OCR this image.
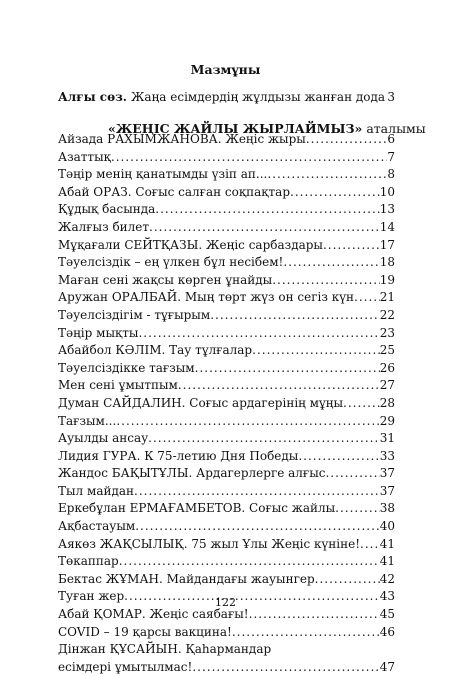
Мазмұны
Алғы сөз. Жаңа есімдердің жұлдызы жанған дода 3
«ЖЕҢІС ЖАЙЛЫ ЖЫРЛАЙМЫЗ» аталымы
Айзада РАХЫМЖАНОВА. Жеңіс жыры .....	6
Азаттық .....	7
Тәңір менің қанатымды үзіп ап... .....	8
Абай ОРАЗ. Соғыс салған соқпақтар .....	10
Құдық басында .....	13
Жалғыз билет .....	14
Мұқағали СЕЙТҚАЗЫ. Жеңіс сарбаздары .....	17
Тәуелсіздік – ең үлкен бұл несібем! .....	18
Маған сені жақсы көрген ұнайды .....	19
Аружан ОРАЛБАЙ. Мың төрт жүз он сегіз күн ..... 21
Тәуелсіздігім - тұғырым .....	22
Тәңір мықты .....	23
Абайбол КӘЛІМ. Тау тұлғалар .....	25
Тәуелсіздікке тағзым .....	26
Мен сені ұмытпым .....	27
Думан САЙДАЛИН. Соғыс ардагерінің мұңы .....	28
Тағзым... .....	29
Ауылды ансау .....	31
Лидия ГУРА. К 75-летию Дня Победы .....	33
Жандос БАҚЫТҰЛЫ. Ардагерлерге алғыс .....	37
Тыл майдан .....	37
Еркебұлан ЕРМАҒАМБЕТОВ. Соғыс жайлы .....	38
Ақбастауым .....	40
Аякөз ЖАҚСЫЛЫҚ. 75 жыл Ұлы Жеңіс күніне! ..... 41
Төкаппар .....	41
Бектас ЖҰМАН. Майдандағы жауынгер .....	42
Туған жер .....	43
Абай ҚОМАР. Жеңіс саябағы! .....	45
COVID – 19 қарсы вакцина! .....	46
Дінжан ҚҰСАЙЫН. Қаһармандар
есімдері ұмытылмас! .....	47
122
